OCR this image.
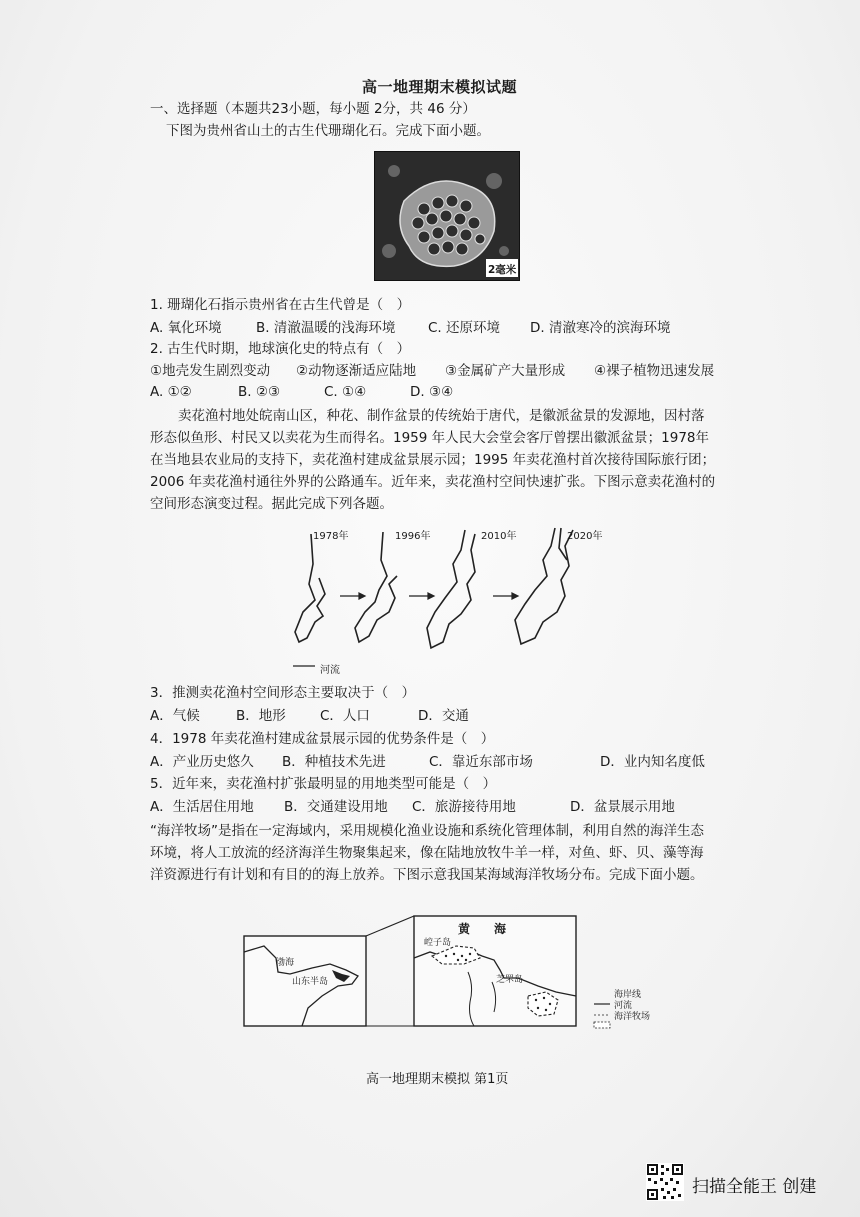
高一地理期末模拟试题
一、选择题（本题共23小题，每小题 2分，共 46 分）
下图为贵州省山土的古生代珊瑚化石。完成下面小题。
2毫米
1. 珊瑚化石指示贵州省在古生代曾是（　）
A. 氧化环境	B. 清澈温暖的浅海环境 C. 还原环境 D. 清澈寒冷的滨海环境
2. 古生代时期，地球演化史的特点有（　）
①地壳发生剧烈变动 ②动物逐渐适应陆地 ③金属矿产大量形成 ④裸子植物迅速发展
A. ①②	B. ②③	C. ①④	D. ③④
卖花渔村地处皖南山区，种花、制作盆景的传统始于唐代，是徽派盆景的发源地，因村落形态似鱼形、村民又以卖花为生而得名。1959 年人民大会堂会客厅曾摆出徽派盆景；1978年在当地县农业局的支持下，卖花渔村建成盆景展示园；1995 年卖花渔村首次接待国际旅行团；2006 年卖花渔村通往外界的公路通车。近年来，卖花渔村空间快速扩张。下图示意卖花渔村的空间形态演变过程。据此完成下列各题。
1978年	1996年	2010年	2020年
河流
3．推测卖花渔村空间形态主要取决于（　）
A．气候	B．地形	C．人口	D．交通
4．1978 年卖花渔村建成盆景展示园的优势条件是（　）
A．产业历史悠久 B．种植技术先进	C．靠近东部市场	D．业内知名度低
5．近年来，卖花渔村扩张最明显的用地类型可能是（　）
A．生活居住用地 B．交通建设用地 C．旅游接待用地	D．盆景展示用地
“海洋牧场”是指在一定海域内，采用规模化渔业设施和系统化管理体制，利用自然的海洋生态环境，将人工放流的经济海洋生物聚集起来，像在陆地放牧牛羊一样，对鱼、虾、贝、藻等海洋资源进行有计划和有目的的海上放养。下图示意我国某海域海洋牧场分布。完成下面小题。
渤海
山东半岛
黄　　海
崆子岛
芝罘岛
海岸线
河流
海洋牧场
高一地理期末模拟 第1页
扫描全能王 创建
